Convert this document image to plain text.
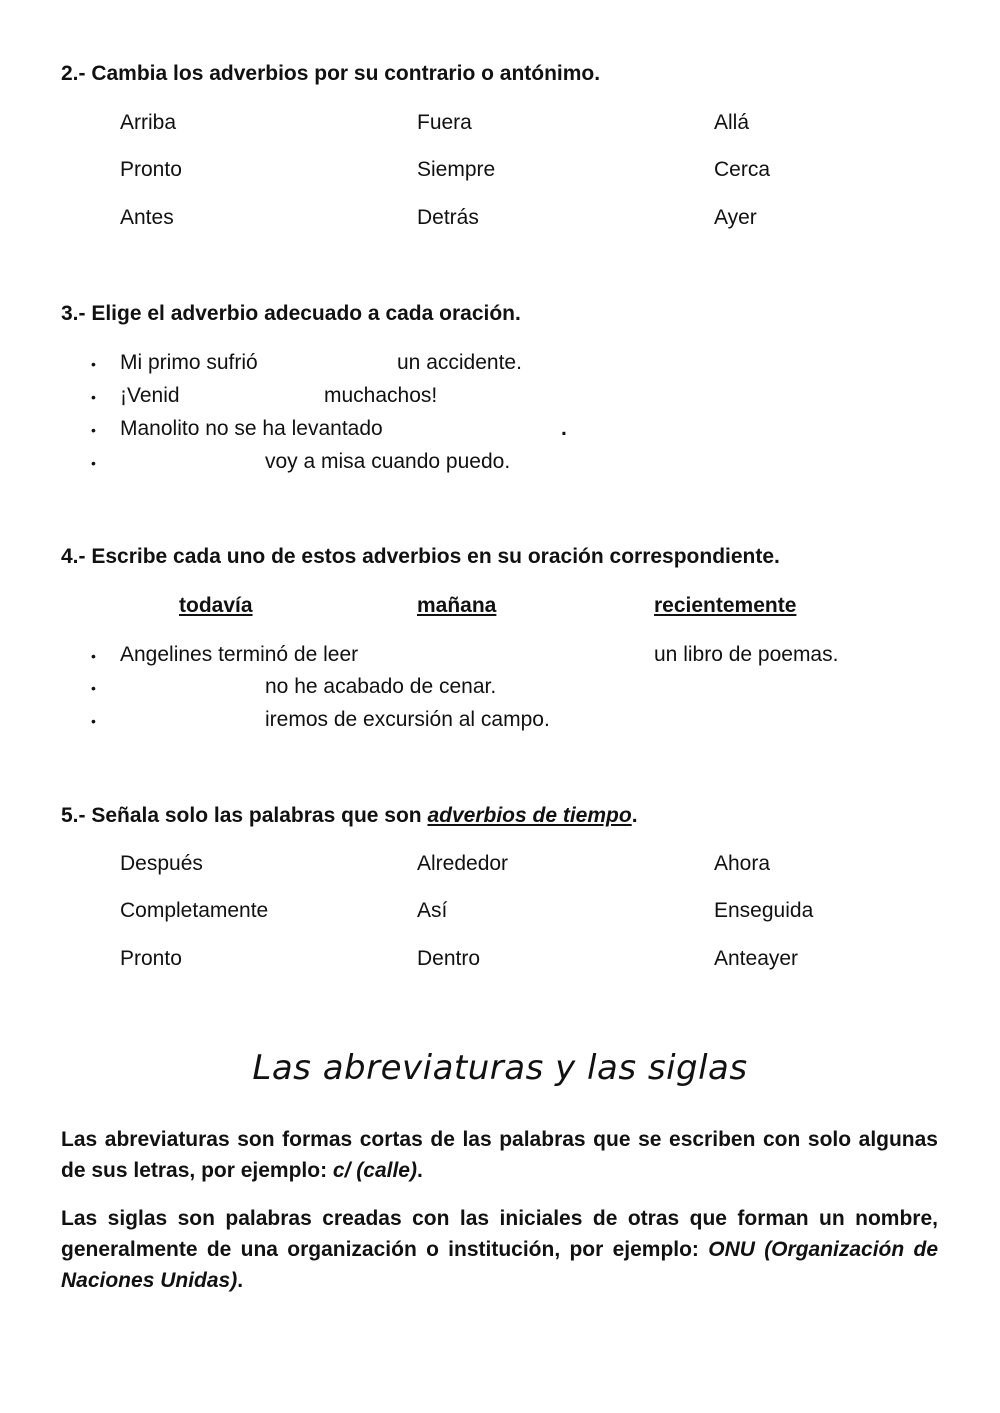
2.- Cambia los adverbios por su contrario o antónimo.
Arriba	Fuera	Allá
Pronto	Siempre	Cerca
Antes	Detrás	Ayer
3.- Elige el adverbio adecuado a cada oración.
• Mi primo sufrió	un accidente.
• ¡Venid	muchachos!
• Manolito no se ha levantado	.
•	voy a misa cuando puedo.
4.- Escribe cada uno de estos adverbios en su oración correspondiente.
todavía	mañana	recientemente
• Angelines terminó de leer	un libro de poemas.
•	no he acabado de cenar.
•	iremos de excursión al campo.
5.- Señala solo las palabras que son adverbios de tiempo.
Después	Alrededor	Ahora
Completamente	Así	Enseguida
Pronto	Dentro	Anteayer
Las abreviaturas y las siglas
Las abreviaturas son formas cortas de las palabras que se escriben con solo algunas de sus letras, por ejemplo: c/ (calle).
Las siglas son palabras creadas con las iniciales de otras que forman un nombre, generalmente de una organización o institución, por ejemplo: ONU (Organización de Naciones Unidas).
